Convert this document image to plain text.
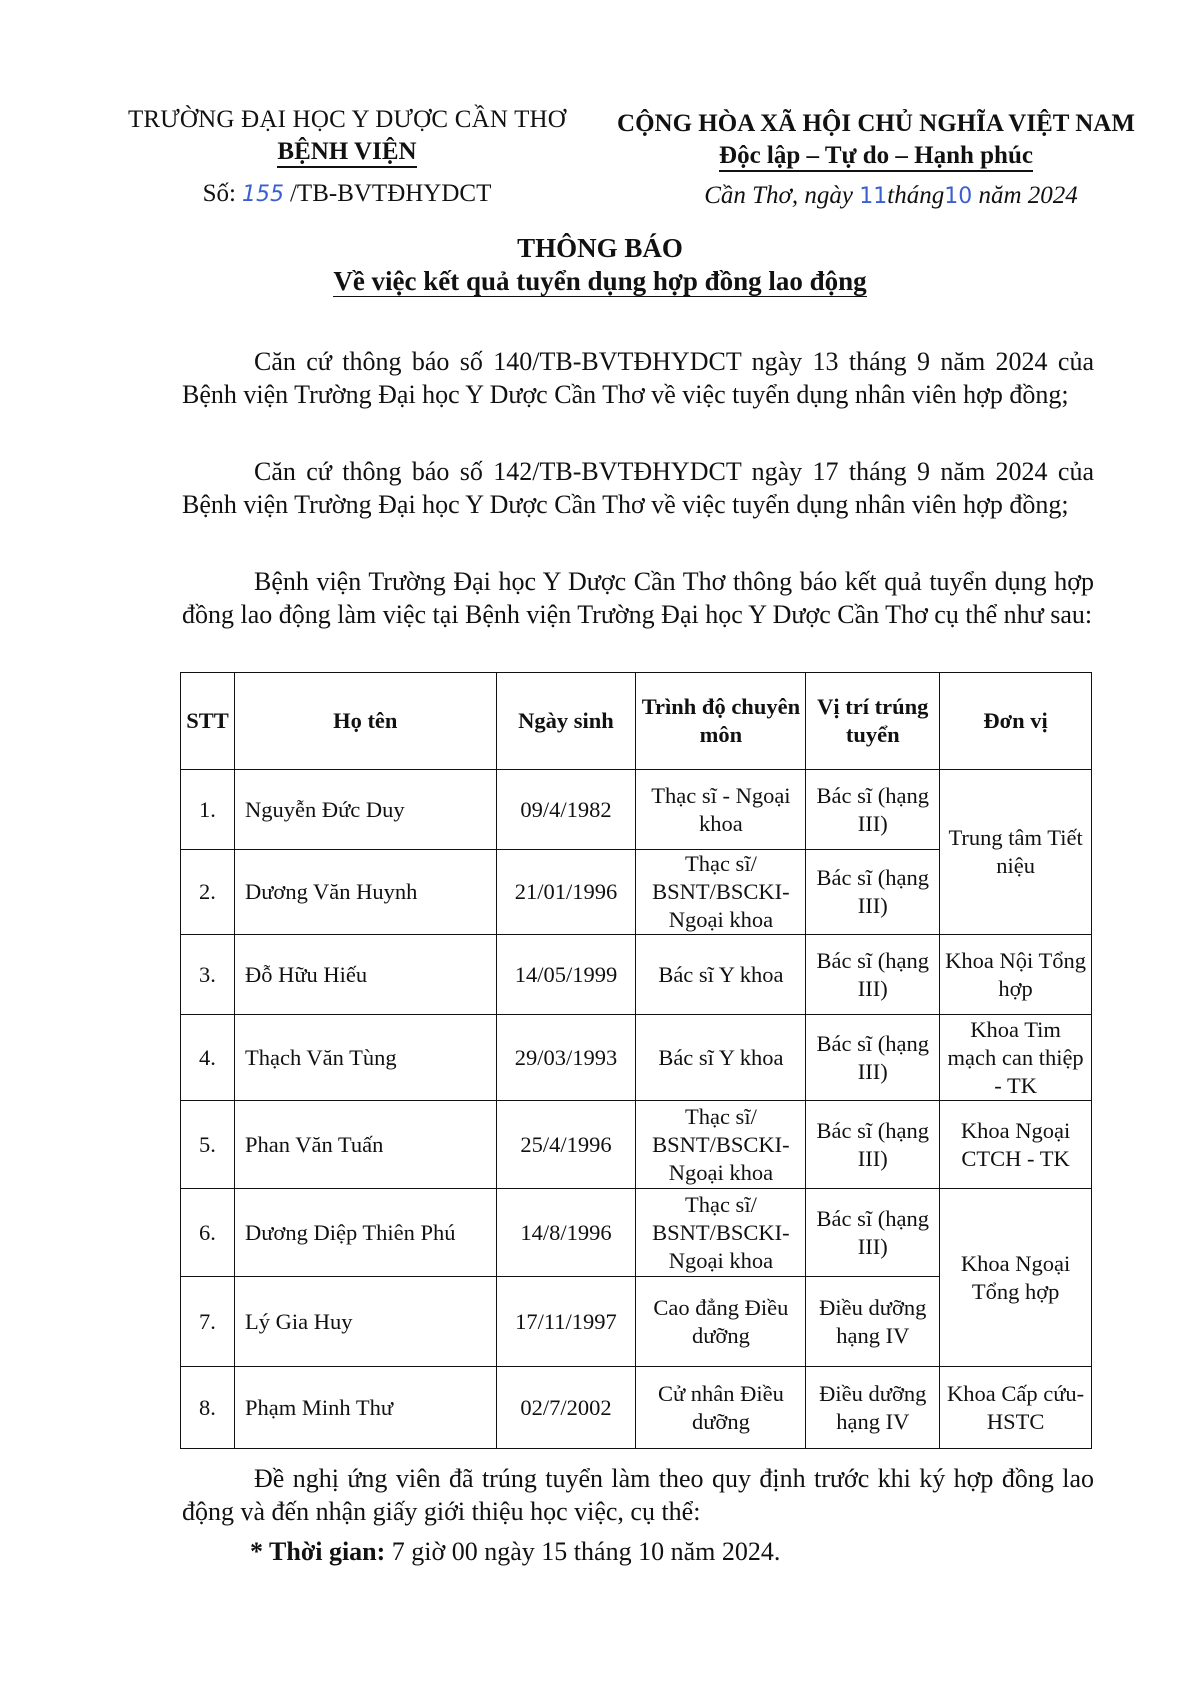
TRƯỜNG ĐẠI HỌC Y DƯỢC CẦN THƠ
BỆNH VIỆN
Số: 155 /TB-BVTĐHYDCT
CỘNG HÒA XÃ HỘI CHỦ NGHĨA VIỆT NAM
Độc lập – Tự do – Hạnh phúc
Cần Thơ, ngày 11tháng10 năm 2024
THÔNG BÁO
Về việc kết quả tuyển dụng hợp đồng lao động

Căn cứ thông báo số 140/TB-BVTĐHYDCT ngày 13 tháng 9 năm 2024 của Bệnh viện Trường Đại học Y Dược Cần Thơ về việc tuyển dụng nhân viên hợp đồng;

Căn cứ thông báo số 142/TB-BVTĐHYDCT ngày 17 tháng 9 năm 2024 của Bệnh viện Trường Đại học Y Dược Cần Thơ về việc tuyển dụng nhân viên hợp đồng;

Bệnh viện Trường Đại học Y Dược Cần Thơ thông báo kết quả tuyển dụng hợp đồng lao động làm việc tại Bệnh viện Trường Đại học Y Dược Cần Thơ cụ thể như sau:

STT	Họ tên	Ngày sinh	Trình độ chuyên môn	Vị trí trúng tuyển	Đơn vị
1.	Nguyễn Đức Duy	09/4/1982	Thạc sĩ - Ngoại khoa	Bác sĩ (hạng III)	Trung tâm Tiết niệu
2.	Dương Văn Huynh	21/01/1996	Thạc sĩ/ BSNT/BSCKI- Ngoại khoa	Bác sĩ (hạng III)	
3.	Đỗ Hữu Hiếu	14/05/1999	Bác sĩ Y khoa	Bác sĩ (hạng III)	Khoa Nội Tổng hợp
4.	Thạch Văn Tùng	29/03/1993	Bác sĩ Y khoa	Bác sĩ (hạng III)	Khoa Tim mạch can thiệp - TK
5.	Phan Văn Tuấn	25/4/1996	Thạc sĩ/ BSNT/BSCKI- Ngoại khoa	Bác sĩ (hạng III)	Khoa Ngoại CTCH - TK
6.	Dương Diệp Thiên Phú	14/8/1996	Thạc sĩ/ BSNT/BSCKI- Ngoại khoa	Bác sĩ (hạng III)	Khoa Ngoại Tổng hợp
7.	Lý Gia Huy	17/11/1997	Cao đẳng Điều dưỡng	Điều dưỡng hạng IV	
8.	Phạm Minh Thư	02/7/2002	Cử nhân Điều dưỡng	Điều dưỡng hạng IV	Khoa Cấp cứu-HSTC

Đề nghị ứng viên đã trúng tuyển làm theo quy định trước khi ký hợp đồng lao động và đến nhận giấy giới thiệu học việc, cụ thể:

* Thời gian: 7 giờ 00 ngày 15 tháng 10 năm 2024.
